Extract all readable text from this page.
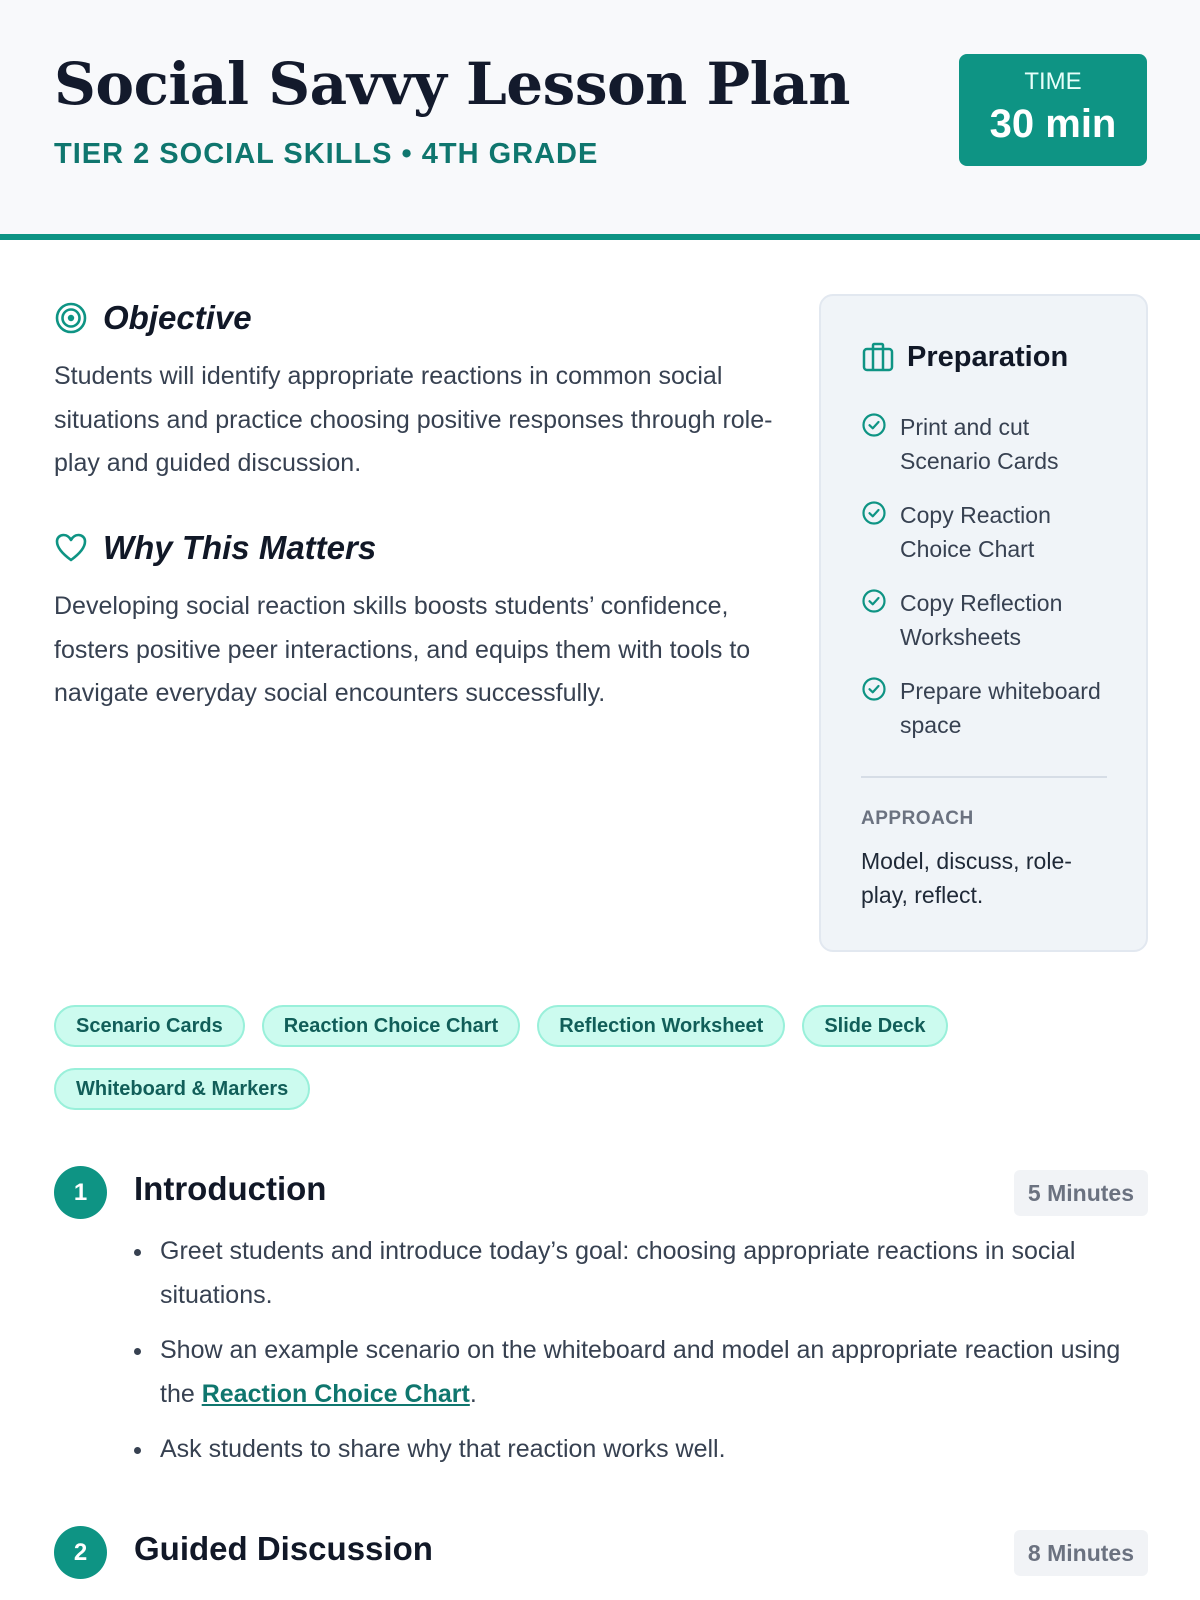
Social Savvy Lesson Plan
TIER 2 SOCIAL SKILLS • 4TH GRADE
TIME
30 min
Objective

Students will identify appropriate reactions in common social situations and practice choosing positive responses through role-play and guided discussion.

Why This Matters

Developing social reaction skills boosts students’ confidence, fosters positive peer interactions, and equips them with tools to navigate everyday social encounters successfully.

Preparation
Print and cut Scenario Cards
Copy Reaction Choice Chart
Copy Reflection Worksheets
Prepare whiteboard space
APPROACH

Model, discuss, role-play, reflect.

Scenario Cards	Reaction Choice Chart	Reflection Worksheet	Slide Deck
Whiteboard & Markers
1	Introduction	5 Minutes
Greet students and introduce today’s goal: choosing appropriate reactions in social situations.
Show an example scenario on the whiteboard and model an appropriate reaction using the Reaction Choice Chart.
Ask students to share why that reaction works well.
2	Guided Discussion	8 Minutes
